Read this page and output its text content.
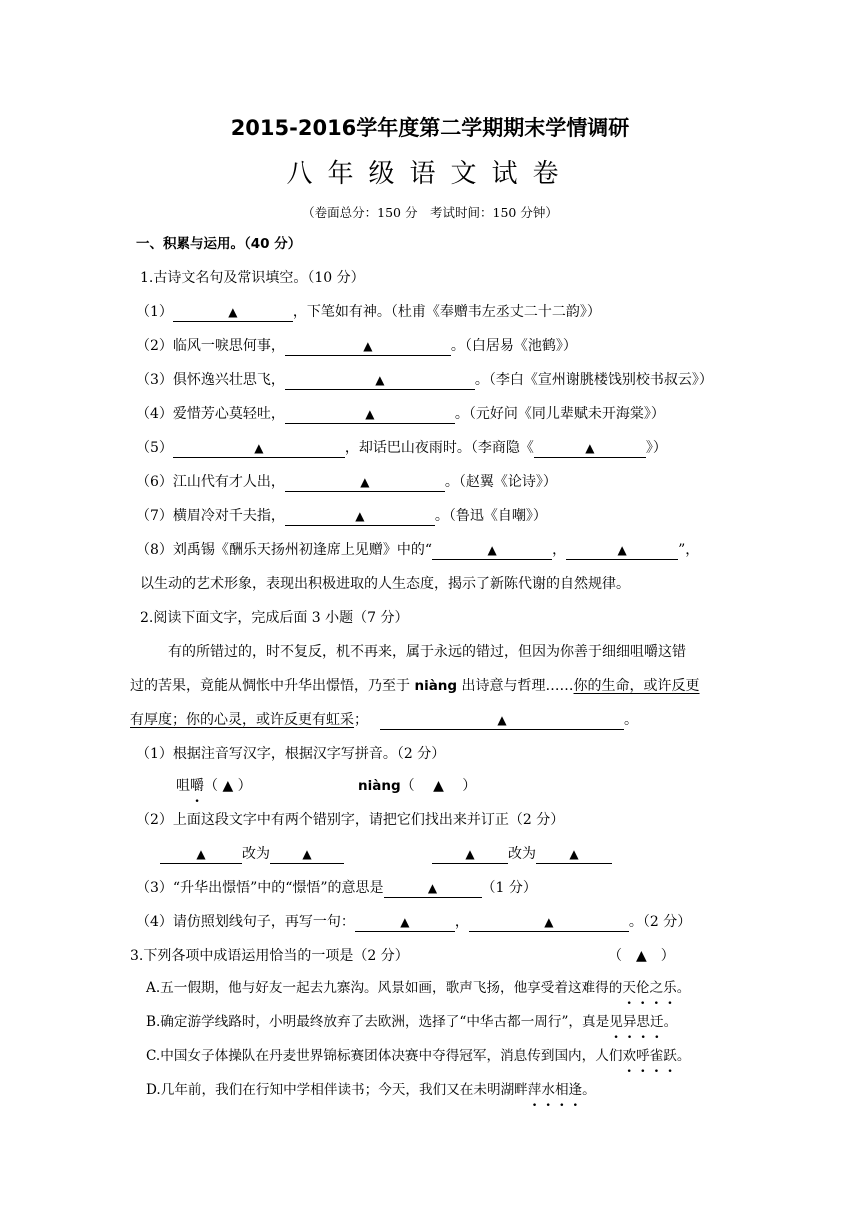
2015-2016学年度第二学期期末学情调研
八年级语文试卷
（卷面总分：150 分　考试时间：150 分钟）
一、积累与运用。（40 分）
1.古诗文名句及常识填空。（10 分）
（1）	▲	，下笔如有神。（杜甫《奉赠韦左丞丈二十二韵》）
（2）临风一唳思何事，	▲	。（白居易《池鹤》）
（3）俱怀逸兴壮思飞，	▲	。（李白《宣州谢朓楼饯别校书叔云》）
（4）爱惜芳心莫轻吐，	▲	。（元好问《同儿辈赋未开海棠》）
（5）	▲	，却话巴山夜雨时。（李商隐《	▲	》）
（6）江山代有才人出，	▲	。（赵翼《论诗》）
（7）横眉冷对千夫指，	▲	。（鲁迅《自嘲》）
（8）刘禹锡《酬乐天扬州初逢席上见赠》中的“	▲	，	▲	”，
以生动的艺术形象，表现出积极进取的人生态度，揭示了新陈代谢的自然规律。
2.阅读下面文字，完成后面 3 小题（7 分）
有的所错过的，时不复反，机不再来，属于永远的错过，但因为你善于细细咀嚼这错
过的苦果，竟能从惆怅中升华出憬悟，乃至于 niàng 出诗意与哲理……你的生命，或许反更
有厚度；你的心灵，或许反更有虹采；	▲	。
（1）根据注音写汉字，根据汉字写拼音。（2 分）
咀嚼（ ▲ ）	niàng（　 ▲　 ）
（2）上面这段文字中有两个错别字，请把它们找出来并订正（2 分）
▲	改为	▲	▲ 改为	▲
（3）“升华出憬悟”中的“憬悟”的意思是	▲	（1 分）
（4）请仿照划线句子，再写一句：	▲	，	▲	。（2 分）
3.下列各项中成语运用恰当的一项是（2 分）	（　▲　）
A.五一假期，他与好友一起去九寨沟。风景如画，歌声飞扬，他享受着这难得的天伦之乐。
B.确定游学线路时，小明最终放弃了去欧洲，选择了“中华古都一周行”，真是见异思迁。
C.中国女子体操队在丹麦世界锦标赛团体决赛中夺得冠军，消息传到国内，人们欢呼雀跃。
D.几年前，我们在行知中学相伴读书；今天，我们又在未明湖畔萍水相逢。
